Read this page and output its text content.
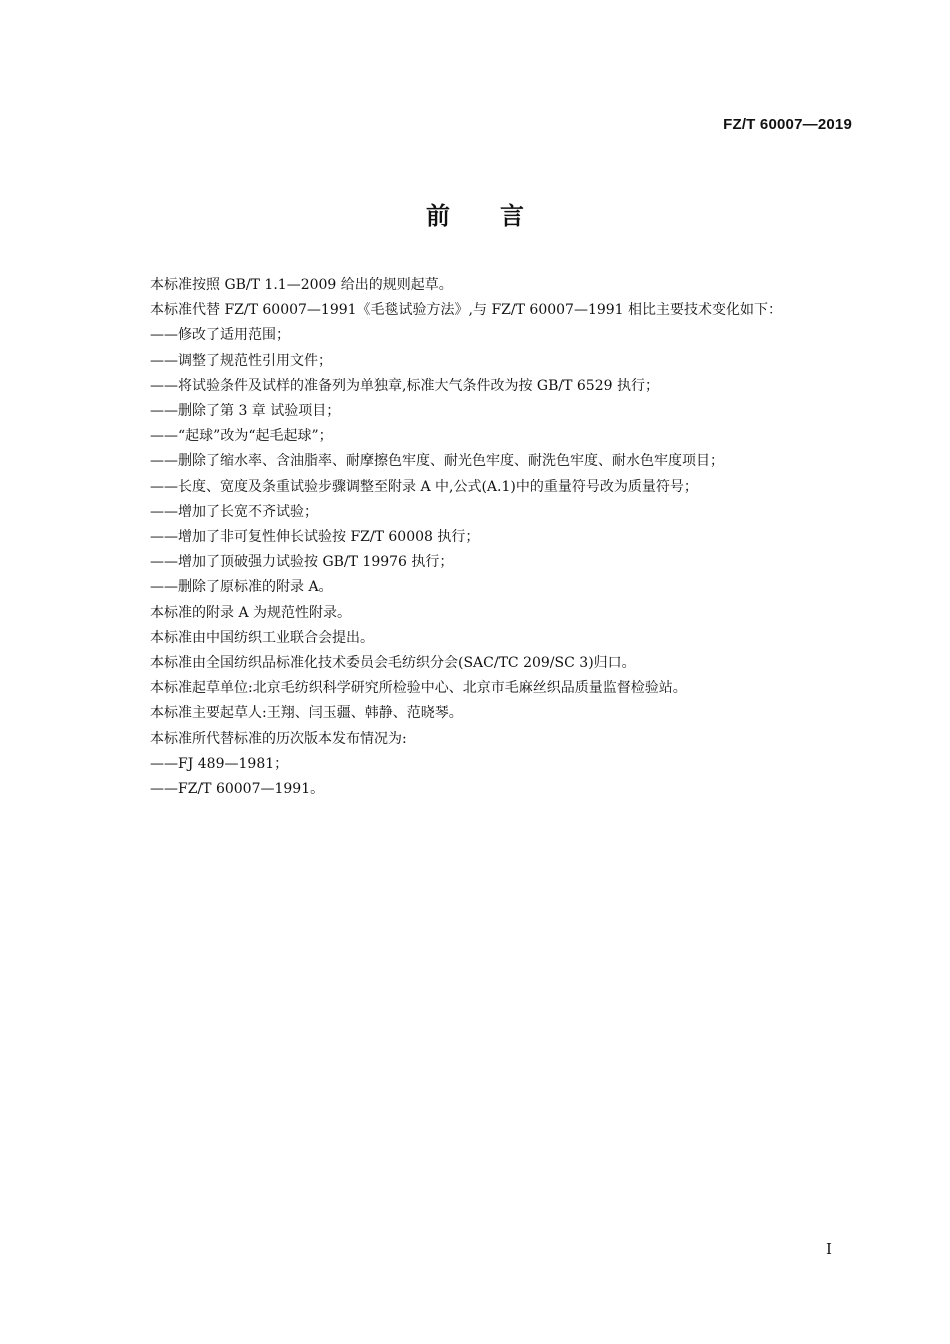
FZ/T 60007—2019
前言

本标准按照 GB/T 1.1—2009 给出的规则起草。

本标准代替 FZ/T 60007—1991《毛毯试验方法》,与 FZ/T 60007—1991 相比主要技术变化如下：

——修改了适用范围；

——调整了规范性引用文件；

——将试验条件及试样的准备列为单独章,标准大气条件改为按 GB/T 6529 执行；

——删除了第 3 章 试验项目；

——“起球”改为“起毛起球”；

——删除了缩水率、含油脂率、耐摩擦色牢度、耐光色牢度、耐洗色牢度、耐水色牢度项目；

——长度、宽度及条重试验步骤调整至附录 A 中,公式(A.1)中的重量符号改为质量符号；

——增加了长宽不齐试验；

——增加了非可复性伸长试验按 FZ/T 60008 执行；

——增加了顶破强力试验按 GB/T 19976 执行；

——删除了原标准的附录 A。

本标准的附录 A 为规范性附录。

本标准由中国纺织工业联合会提出。

本标准由全国纺织品标准化技术委员会毛纺织分会(SAC/TC 209/SC 3)归口。

本标准起草单位:北京毛纺织科学研究所检验中心、北京市毛麻丝织品质量监督检验站。

本标准主要起草人:王翔、闫玉疆、韩静、范晓琴。

本标准所代替标准的历次版本发布情况为:

——FJ 489—1981；

——FZ/T 60007—1991。

I
